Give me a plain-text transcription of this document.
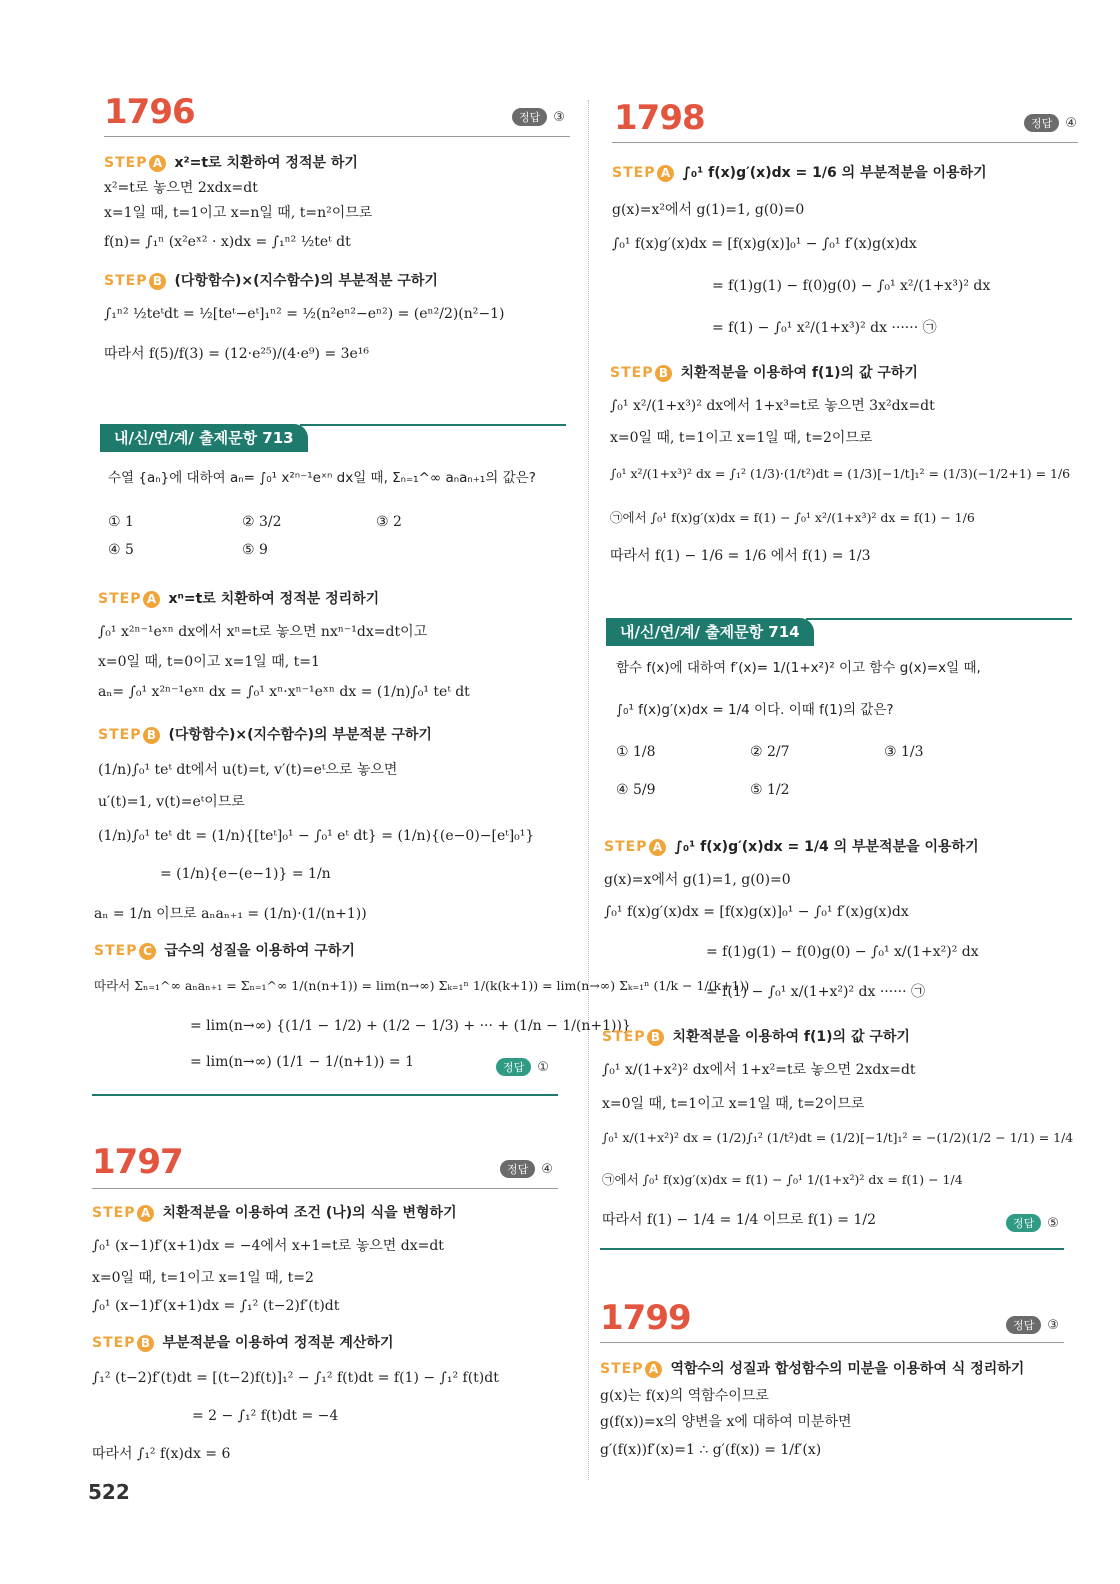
1796	정답 ③
STEP A x²=t로 치환하여 정적분 하기
x²=t로 놓으면 2xdx=dt
x=1일 때, t=1이고 x=n일 때, t=n²이므로
f(n)= ∫₁ⁿ (x²eˣ² · x)dx = ∫₁ⁿ² ½teᵗ dt
STEP B (다항함수)×(지수함수)의 부분적분 구하기
∫₁ⁿ² ½teᵗdt = ½[teᵗ−eᵗ]₁ⁿ² = ½(n²eⁿ²−eⁿ²) = (eⁿ²/2)(n²−1)
따라서 f(5)/f(3) = (12·e²⁵)/(4·e⁹) = 3e¹⁶
내/신/연/계/ 출제문항 713
수열 {aₙ}에 대하여 aₙ= ∫₀¹ x²ⁿ⁻¹eˣⁿ dx일 때, Σₙ₌₁^∞ aₙaₙ₊₁의 값은?
① 1	② 3/2	③ 2
④ 5	⑤ 9
STEP A xⁿ=t로 치환하여 정적분 정리하기
∫₀¹ x²ⁿ⁻¹eˣⁿ dx에서 xⁿ=t로 놓으면 nxⁿ⁻¹dx=dt이고
x=0일 때, t=0이고 x=1일 때, t=1
aₙ= ∫₀¹ x²ⁿ⁻¹eˣⁿ dx = ∫₀¹ xⁿ·xⁿ⁻¹eˣⁿ dx = (1/n)∫₀¹ teᵗ dt
STEP B (다항함수)×(지수함수)의 부분적분 구하기
(1/n)∫₀¹ teᵗ dt에서 u(t)=t, v′(t)=eᵗ으로 놓으면
u′(t)=1, v(t)=eᵗ이므로
(1/n)∫₀¹ teᵗ dt = (1/n){[teᵗ]₀¹ − ∫₀¹ eᵗ dt} = (1/n){(e−0)−[eᵗ]₀¹}
= (1/n){e−(e−1)} = 1/n
aₙ = 1/n 이므로 aₙaₙ₊₁ = (1/n)·(1/(n+1))
STEP C 급수의 성질을 이용하여 구하기
따라서 Σₙ₌₁^∞ aₙaₙ₊₁ = Σₙ₌₁^∞ 1/(n(n+1)) = lim(n→∞) Σₖ₌₁ⁿ 1/(k(k+1)) = lim(n→∞) Σₖ₌₁ⁿ (1/k − 1/(k+1))
= lim(n→∞) {(1/1 − 1/2) + (1/2 − 1/3) + ··· + (1/n − 1/(n+1))}
= lim(n→∞) (1/1 − 1/(n+1)) = 1	정답 ①
1797	정답 ④
STEP A 치환적분을 이용하여 조건 (나)의 식을 변형하기
∫₀¹ (x−1)f′(x+1)dx = −4에서 x+1=t로 놓으면 dx=dt
x=0일 때, t=1이고 x=1일 때, t=2
∫₀¹ (x−1)f′(x+1)dx = ∫₁² (t−2)f′(t)dt
STEP B 부분적분을 이용하여 정적분 계산하기
∫₁² (t−2)f′(t)dt = [(t−2)f(t)]₁² − ∫₁² f(t)dt = f(1) − ∫₁² f(t)dt
= 2 − ∫₁² f(t)dt = −4
따라서 ∫₁² f(x)dx = 6
1798	정답 ④
STEP A ∫₀¹ f(x)g′(x)dx = 1/6 의 부분적분을 이용하기
g(x)=x²에서 g(1)=1, g(0)=0
∫₀¹ f(x)g′(x)dx = [f(x)g(x)]₀¹ − ∫₀¹ f′(x)g(x)dx
= f(1)g(1) − f(0)g(0) − ∫₀¹ x²/(1+x³)² dx
= f(1) − ∫₀¹ x²/(1+x³)² dx ······ ㉠
STEP B 치환적분을 이용하여 f(1)의 값 구하기
∫₀¹ x²/(1+x³)² dx에서 1+x³=t로 놓으면 3x²dx=dt
x=0일 때, t=1이고 x=1일 때, t=2이므로
∫₀¹ x²/(1+x³)² dx = ∫₁² (1/3)·(1/t²)dt = (1/3)[−1/t]₁² = (1/3)(−1/2+1) = 1/6
㉠에서 ∫₀¹ f(x)g′(x)dx = f(1) − ∫₀¹ x²/(1+x³)² dx = f(1) − 1/6
따라서 f(1) − 1/6 = 1/6 에서 f(1) = 1/3
내/신/연/계/ 출제문항 714
함수 f(x)에 대하여 f′(x)= 1/(1+x²)² 이고 함수 g(x)=x일 때,
∫₀¹ f(x)g′(x)dx = 1/4 이다. 이때 f(1)의 값은?
① 1/8	② 2/7	③ 1/3
④ 5/9	⑤ 1/2
STEP A ∫₀¹ f(x)g′(x)dx = 1/4 의 부분적분을 이용하기
g(x)=x에서 g(1)=1, g(0)=0
∫₀¹ f(x)g′(x)dx = [f(x)g(x)]₀¹ − ∫₀¹ f′(x)g(x)dx
= f(1)g(1) − f(0)g(0) − ∫₀¹ x/(1+x²)² dx
= f(1) − ∫₀¹ x/(1+x²)² dx ······ ㉠
STEP B 치환적분을 이용하여 f(1)의 값 구하기
∫₀¹ x/(1+x²)² dx에서 1+x²=t로 놓으면 2xdx=dt
x=0일 때, t=1이고 x=1일 때, t=2이므로
∫₀¹ x/(1+x²)² dx = (1/2)∫₁² (1/t²)dt = (1/2)[−1/t]₁² = −(1/2)(1/2 − 1/1) = 1/4
㉠에서 ∫₀¹ f(x)g′(x)dx = f(1) − ∫₀¹ 1/(1+x²)² dx = f(1) − 1/4
따라서 f(1) − 1/4 = 1/4 이므로 f(1) = 1/2	정답 ⑤
1799	정답 ③
STEP A 역함수의 성질과 합성함수의 미분을 이용하여 식 정리하기
g(x)는 f(x)의 역함수이므로
g(f(x))=x의 양변을 x에 대하여 미분하면
g′(f(x))f′(x)=1 ∴ g′(f(x)) = 1/f′(x)
522
